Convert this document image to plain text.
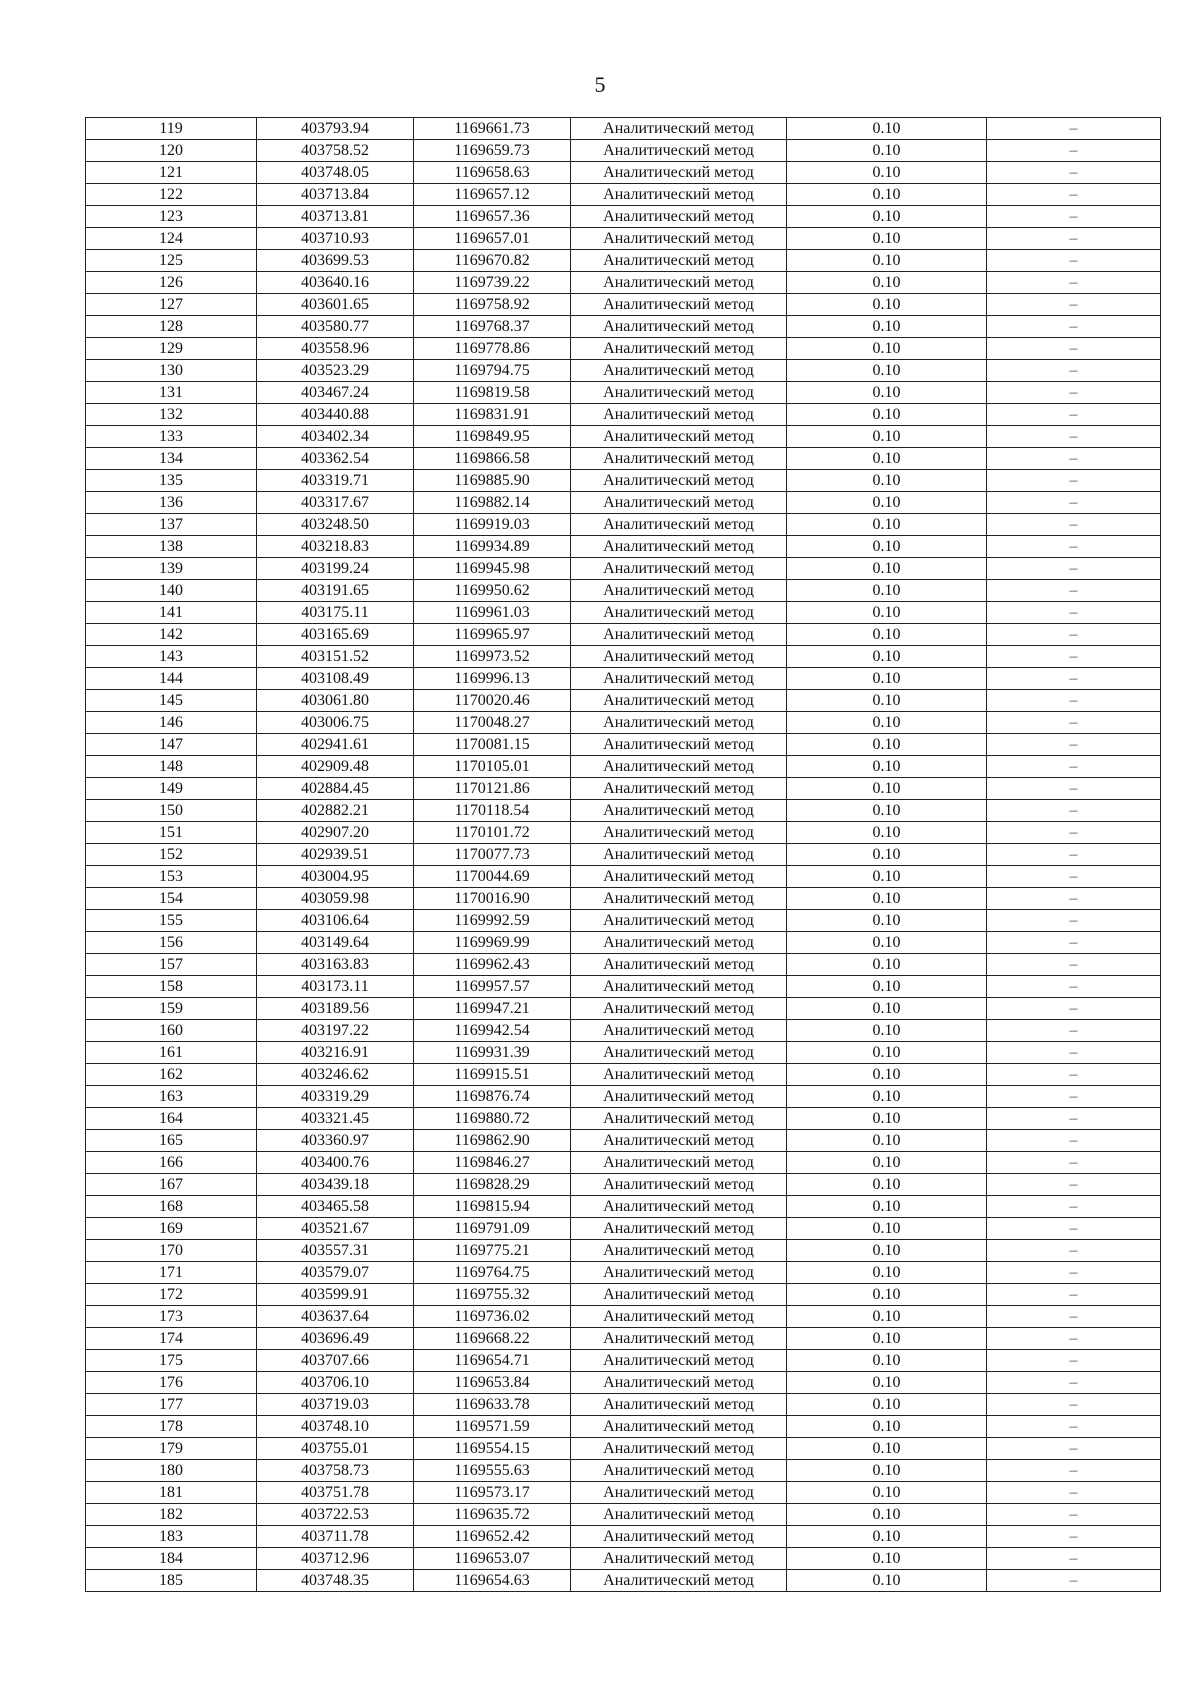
5
119	403793.94	1169661.73	Аналитический метод	0.10	–
120	403758.52	1169659.73	Аналитический метод	0.10	–
121	403748.05	1169658.63	Аналитический метод	0.10	–
122	403713.84	1169657.12	Аналитический метод	0.10	–
123	403713.81	1169657.36	Аналитический метод	0.10	–
124	403710.93	1169657.01	Аналитический метод	0.10	–
125	403699.53	1169670.82	Аналитический метод	0.10	–
126	403640.16	1169739.22	Аналитический метод	0.10	–
127	403601.65	1169758.92	Аналитический метод	0.10	–
128	403580.77	1169768.37	Аналитический метод	0.10	–
129	403558.96	1169778.86	Аналитический метод	0.10	–
130	403523.29	1169794.75	Аналитический метод	0.10	–
131	403467.24	1169819.58	Аналитический метод	0.10	–
132	403440.88	1169831.91	Аналитический метод	0.10	–
133	403402.34	1169849.95	Аналитический метод	0.10	–
134	403362.54	1169866.58	Аналитический метод	0.10	–
135	403319.71	1169885.90	Аналитический метод	0.10	–
136	403317.67	1169882.14	Аналитический метод	0.10	–
137	403248.50	1169919.03	Аналитический метод	0.10	–
138	403218.83	1169934.89	Аналитический метод	0.10	–
139	403199.24	1169945.98	Аналитический метод	0.10	–
140	403191.65	1169950.62	Аналитический метод	0.10	–
141	403175.11	1169961.03	Аналитический метод	0.10	–
142	403165.69	1169965.97	Аналитический метод	0.10	–
143	403151.52	1169973.52	Аналитический метод	0.10	–
144	403108.49	1169996.13	Аналитический метод	0.10	–
145	403061.80	1170020.46	Аналитический метод	0.10	–
146	403006.75	1170048.27	Аналитический метод	0.10	–
147	402941.61	1170081.15	Аналитический метод	0.10	–
148	402909.48	1170105.01	Аналитический метод	0.10	–
149	402884.45	1170121.86	Аналитический метод	0.10	–
150	402882.21	1170118.54	Аналитический метод	0.10	–
151	402907.20	1170101.72	Аналитический метод	0.10	–
152	402939.51	1170077.73	Аналитический метод	0.10	–
153	403004.95	1170044.69	Аналитический метод	0.10	–
154	403059.98	1170016.90	Аналитический метод	0.10	–
155	403106.64	1169992.59	Аналитический метод	0.10	–
156	403149.64	1169969.99	Аналитический метод	0.10	–
157	403163.83	1169962.43	Аналитический метод	0.10	–
158	403173.11	1169957.57	Аналитический метод	0.10	–
159	403189.56	1169947.21	Аналитический метод	0.10	–
160	403197.22	1169942.54	Аналитический метод	0.10	–
161	403216.91	1169931.39	Аналитический метод	0.10	–
162	403246.62	1169915.51	Аналитический метод	0.10	–
163	403319.29	1169876.74	Аналитический метод	0.10	–
164	403321.45	1169880.72	Аналитический метод	0.10	–
165	403360.97	1169862.90	Аналитический метод	0.10	–
166	403400.76	1169846.27	Аналитический метод	0.10	–
167	403439.18	1169828.29	Аналитический метод	0.10	–
168	403465.58	1169815.94	Аналитический метод	0.10	–
169	403521.67	1169791.09	Аналитический метод	0.10	–
170	403557.31	1169775.21	Аналитический метод	0.10	–
171	403579.07	1169764.75	Аналитический метод	0.10	–
172	403599.91	1169755.32	Аналитический метод	0.10	–
173	403637.64	1169736.02	Аналитический метод	0.10	–
174	403696.49	1169668.22	Аналитический метод	0.10	–
175	403707.66	1169654.71	Аналитический метод	0.10	–
176	403706.10	1169653.84	Аналитический метод	0.10	–
177	403719.03	1169633.78	Аналитический метод	0.10	–
178	403748.10	1169571.59	Аналитический метод	0.10	–
179	403755.01	1169554.15	Аналитический метод	0.10	–
180	403758.73	1169555.63	Аналитический метод	0.10	–
181	403751.78	1169573.17	Аналитический метод	0.10	–
182	403722.53	1169635.72	Аналитический метод	0.10	–
183	403711.78	1169652.42	Аналитический метод	0.10	–
184	403712.96	1169653.07	Аналитический метод	0.10	–
185	403748.35	1169654.63	Аналитический метод	0.10	–
